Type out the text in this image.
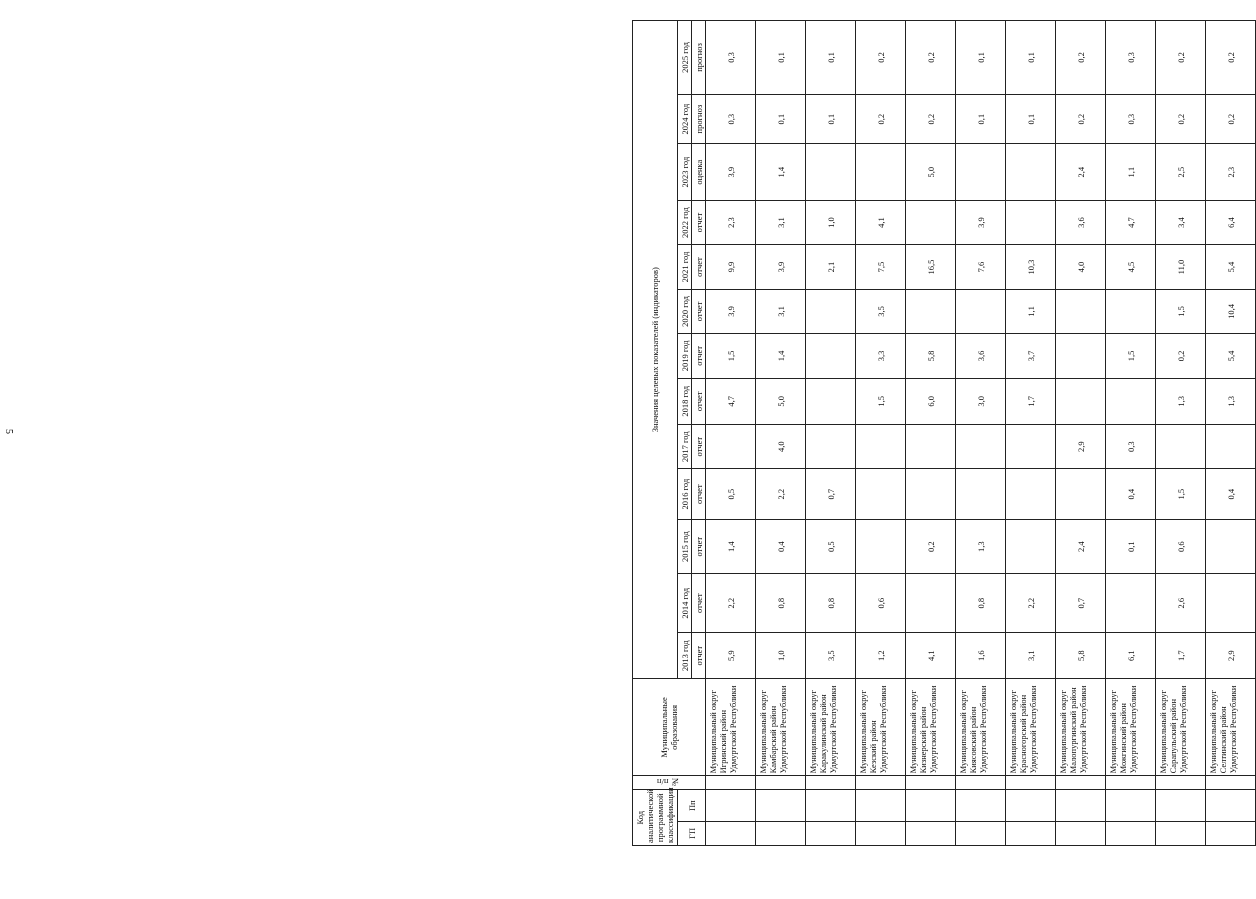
5
Код аналитической программной классификации		№ п/п	Муниципальные образования	Значения целевых показателей (индикаторов)												
ГП	Пп			2013 год	2014 год	2015 год	2016 год	2017 год	2018 год	2019 год	2020 год	2021 год	2022 год	2023 год	2024 год	2025 год
				отчет	отчет	отчет	отчет	отчет	отчет	отчет	отчет	отчет	отчет	оценка	прогноз	прогноз
			Муниципальный округ Игринский район Удмуртской Республики	5,9	2,2	1,4	0,5		4,7	1,5	3,9	9,9	2,3	3,9	0,3	0,3
			Муниципальный округ Камбарский район Удмуртской Республики	1,0	0,8	0,4	2,2	4,0	5,0	1,4	3,1	3,9	3,1	1,4	0,1	0,1
			Муниципальный округ Каракулинский район Удмуртской Республики	3,5	0,8	0,5	0,7					2,1	1,0		0,1	0,1
			Муниципальный округ Кезский район Удмуртской Республики	1,2	0,6				1,5	3,3	3,5	7,5	4,1		0,2	0,2
			Муниципальный округ Кизнерский район Удмуртской Республики	4,1		0,2			6,0	5,8		16,5		5,0	0,2	0,2
			Муниципальный округ Киясовский район Удмуртской Республики	1,6	0,8	1,3			3,0	3,6		7,6	3,9		0,1	0,1
			Муниципальный округ Красногорский район Удмуртской Республики	3,1	2,2				1,7	3,7	1,1	10,3			0,1	0,1
			Муниципальный округ Малопургинский район Удмуртской Республики	5,8	0,7	2,4		2,9				4,0	3,6	2,4	0,2	0,2
			Муниципальный округ Можгинский район Удмуртской Республики	6,1		0,1	0,4	0,3		1,5		4,5	4,7	1,1	0,3	0,3
			Муниципальный округ Сарапульский район Удмуртской Республики	1,7	2,6	0,6	1,5		1,3	0,2	1,5	11,0	3,4	2,5	0,2	0,2
			Муниципальный округ Селтинский район Удмуртской Республики	2,9			0,4		1,3	5,4	10,4	5,4	6,4	2,3	0,2	0,2
